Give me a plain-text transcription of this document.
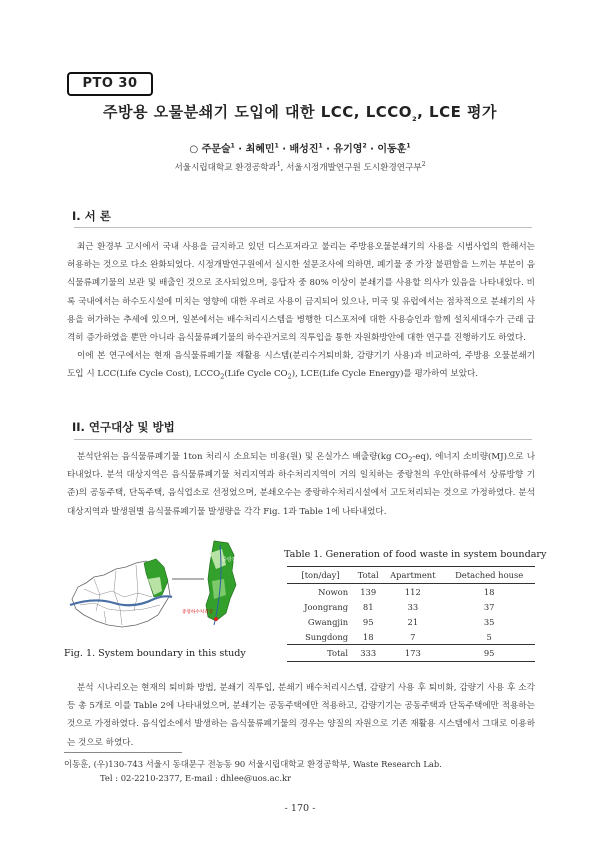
PTO 30
주방용 오물분쇄기 도입에 대한 LCC, $LCCO_2$, LCE 평가
○ 주문술$^1$ · 최혜민$^1$ · 배성진$^1$ · 유기영$^2$ · 이동훈$^1$
서울시립대학교 환경공학과$^1$, 서울시정개발연구원 도시환경연구부$^2$
I. 서 론

최근 환경부 고시에서 국내 사용을 금지하고 있던 디스포저라고 불리는 주방용오물분쇄기의 사용을 시범사업의 한해서는 허용하는 것으로 다소 완화되었다. 시정개발연구원에서 실시한 설문조사에 의하면, 폐기물 중 가장 불편함을 느끼는 부분이 음식물류폐기물의 보관 및 배출인 것으로 조사되었으며, 응답자 중 80% 이상이 분쇄기를 사용할 의사가 있음을 나타내었다. 비록 국내에서는 하수도시설에 미치는 영향에 대한 우려로 사용이 금지되어 있으나, 미국 및 유럽에서는 점차적으로 분쇄기의 사용을 허가하는 추세에 있으며, 일본에서는 배수처리시스템을 병행한 디스포저에 대한 사용승인과 함께 설치세대수가 근래 급격히 증가하였을 뿐만 아니라 음식물류폐기물의 하수관거로의 직투입을 통한 자원화방안에 대한 연구를 진행하기도 하였다.

이에 본 연구에서는 현재 음식물류폐기물 재활용 시스템(분리수거퇴비화, 감량기기 사용)과 비교하여, 주방용 오물분쇄기 도입 시 LCC(Life Cycle Cost), $LCCO_2(Life$ Cycle $CO_2$), LCE(Life Cycle Energy)를 평가하여 보았다.

II. 연구대상 및 방법

분석단위는 음식물류폐기물 1ton 처리시 소요되는 비용(원) 및 온실가스 배출량(kg $CO_2-eq$), 에너지 소비량(MJ)으로 나타내었다. 분석 대상지역은 음식물류폐기물 처리지역과 하수처리지역이 거의 일치하는 중랑천의 우안(하류에서 상류방향 기준)의 공동주택, 단독주택, 음식업소로 선정었으며, 분쇄오수는 중랑하수처리시설에서 고도처리되는 것으로 가정하였다. 분석대상지역과 발생원별 음식물류폐기물 발생량을 각각 Fig. 1과 Table 1에 나타내었다.

중랑천
중랑하수처리장
Fig. 1. System boundary in this study
Table 1. Generation of food waste in system boundary
[ton/day]	Total	Apartment	Detached house
Nowon	139	112	18
Joongrang	81	33	37
Gwangjin	95	21	35
Sungdong	18	7	5
Total	333	173	95

분석 시나리오는 현재의 퇴비화 방법, 분쇄기 직투입, 분쇄기 배수처리시스템, 감량기 사용 후 퇴비화, 감량기 사용 후 소각 등 총 5개로 이를 Table 2에 나타내었으며, 분쇄기는 공동주택에만 적용하고, 감량기기는 공동주택과 단독주택에만 적용하는 것으로 가정하였다. 음식업소에서 발생하는 음식물류폐기물의 경우는 양질의 자원으로 기존 재활용 시스템에서 그대로 이용하는 것으로 하였다.

이동훈, (우)130-743 서울시 동대문구 전농동 90 서울시립대학교 환경공학부, Waste Research Lab.
Tel : 02-2210-2377, E-mail : dhlee@uos.ac.kr
- 170 -
